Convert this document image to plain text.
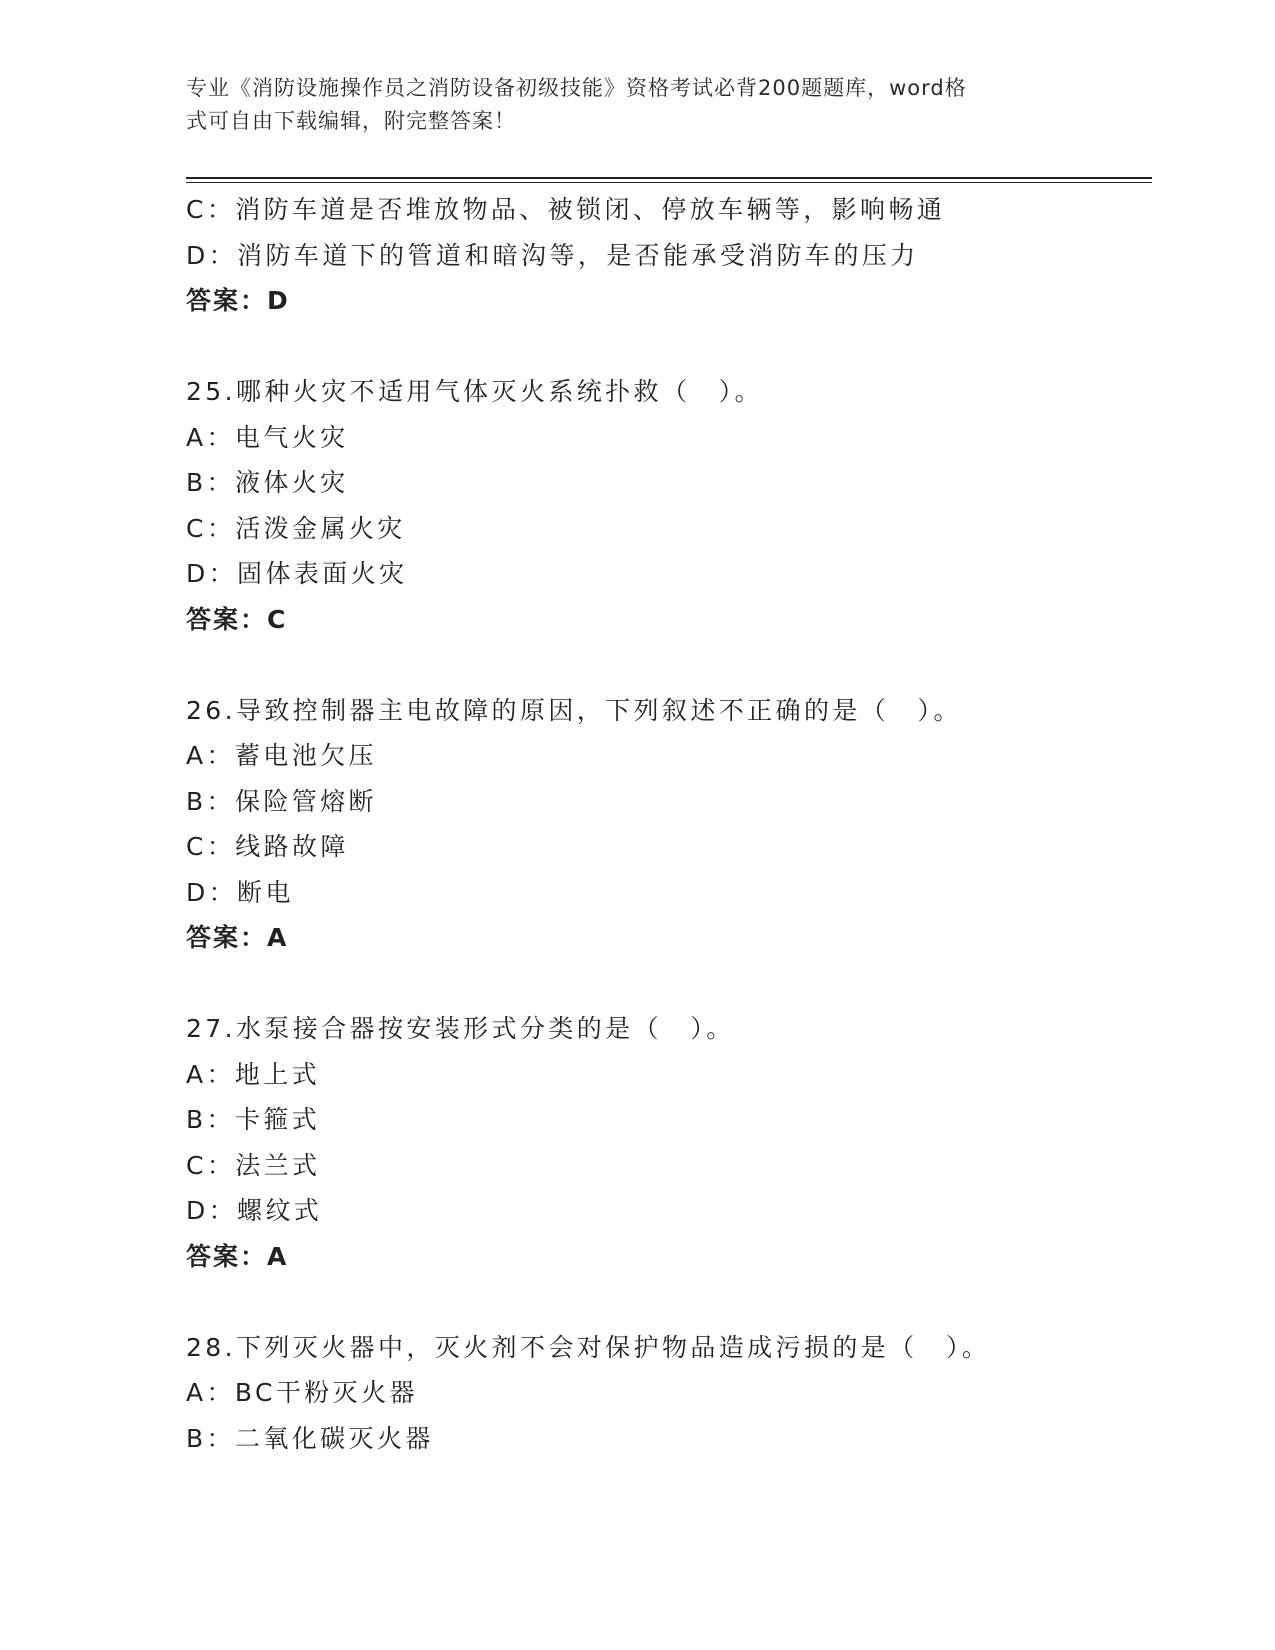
专业《消防设施操作员之消防设备初级技能》资格考试必背200题题库，word格
式可自由下载编辑，附完整答案！
C：消防车道是否堆放物品、被锁闭、停放车辆等，影响畅通
D：消防车道下的管道和暗沟等，是否能承受消防车的压力
答案：D
25.哪种火灾不适用气体灭火系统扑救（　）。
A：电气火灾
B：液体火灾
C：活泼金属火灾
D：固体表面火灾
答案：C
26.导致控制器主电故障的原因，下列叙述不正确的是（　）。
A：蓄电池欠压
B：保险管熔断
C：线路故障
D：断电
答案：A
27.水泵接合器按安装形式分类的是（　）。
A：地上式
B：卡箍式
C：法兰式
D：螺纹式
答案：A
28.下列灭火器中，灭火剂不会对保护物品造成污损的是（　）。
A：BC干粉灭火器
B：二氧化碳灭火器
